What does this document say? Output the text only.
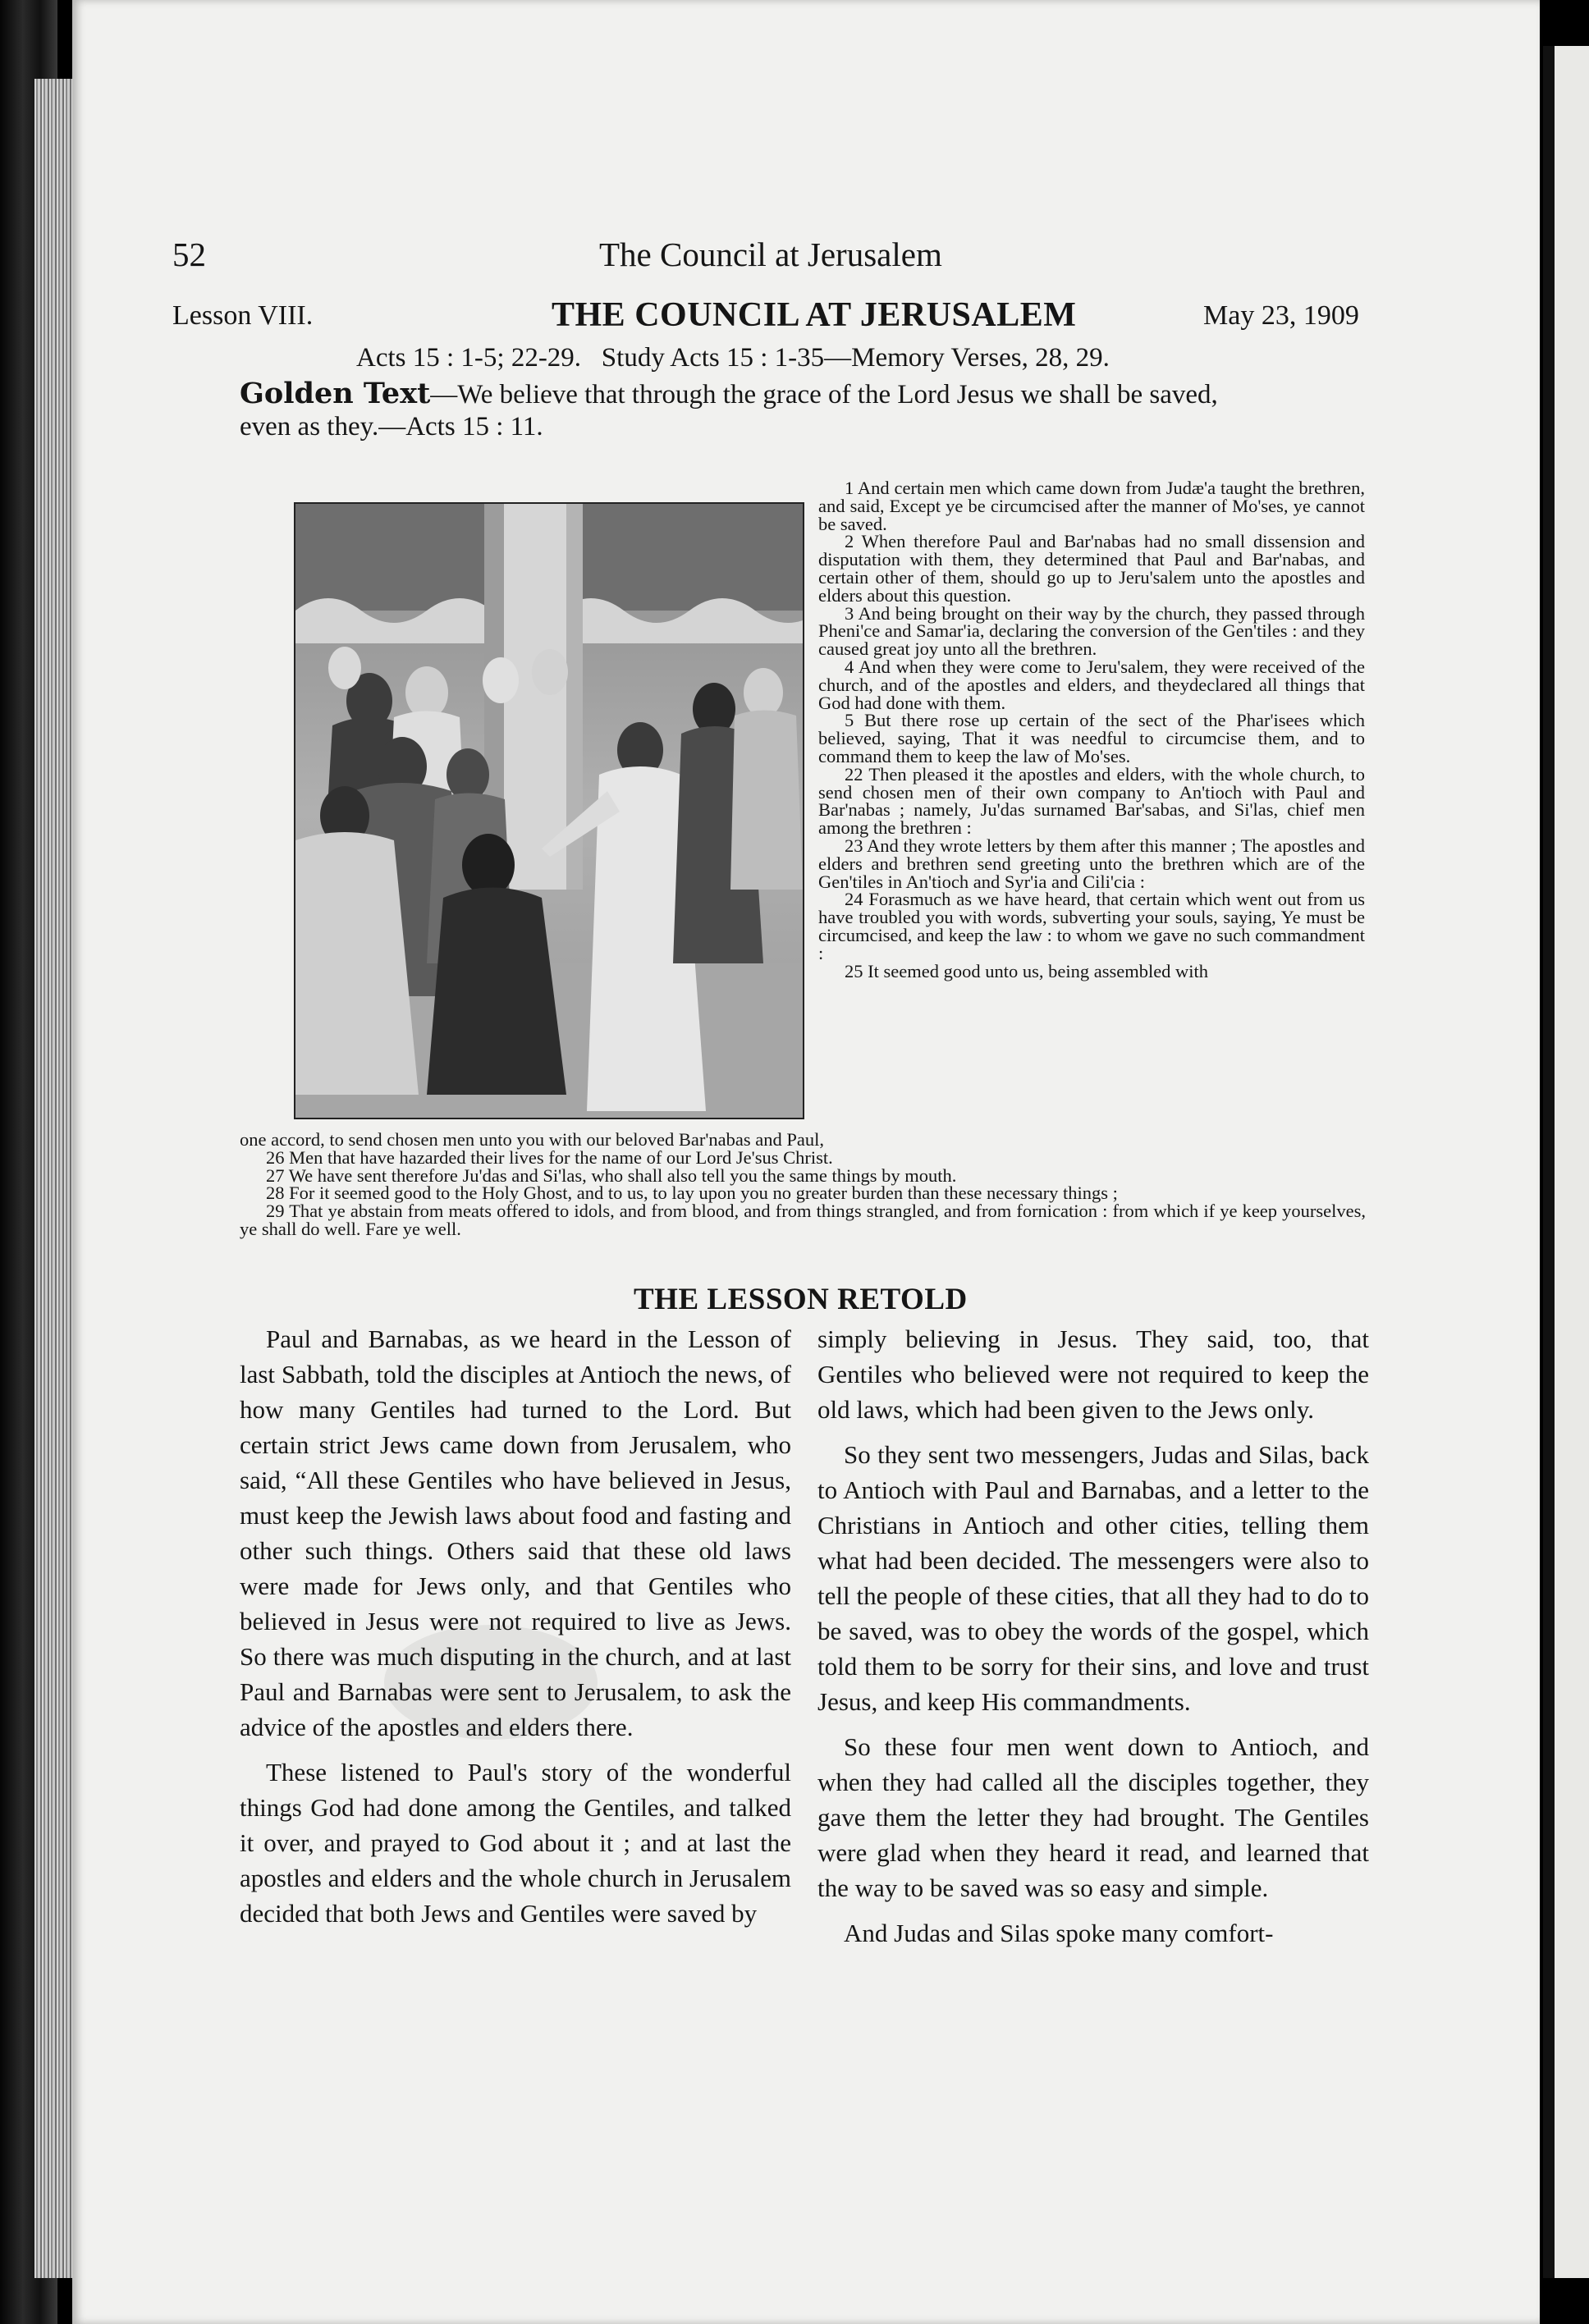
52	The Council at Jerusalem
Lesson VIII.	THE COUNCIL AT JERUSALEM	May 23, 1909
Acts 15 : 1-5; 22-29.   Study Acts 15 : 1-35—Memory Verses, 28, 29.
Golden Text—We believe that through the grace of the Lord Jesus we shall be saved,
even as they.—Acts 15 : 11.

1 And certain men which came down from Judæ'a taught the brethren, and said, Except ye be circumcised after the manner of Mo'ses, ye cannot be saved.

2 When therefore Paul and Bar'nabas had no small dissension and disputation with them, they determined that Paul and Bar'nabas, and certain other of them, should go up to Jeru'salem unto the apostles and elders about this question.

3 And being brought on their way by the church, they passed through Pheni'ce and Samar'ia, declaring the conversion of the Gen'tiles : and they caused great joy unto all the brethren.

4 And when they were come to Jeru'salem, they were received of the church, and of the apostles and elders, and theydeclared all things that God had done with them.

5 But there rose up certain of the sect of the Phar'isees which believed, saying, That it was needful to circumcise them, and to command them to keep the law of Mo'ses.

22 Then pleased it the apostles and elders, with the whole church, to send chosen men of their own company to An'tioch with Paul and Bar'nabas ; namely, Ju'das surnamed Bar'sabas, and Si'las, chief men among the brethren :

23 And they wrote letters by them after this manner ; The apostles and elders and brethren send greeting unto the brethren which are of the Gen'tiles in An'tioch and Syr'ia and Cili'cia :

24 Forasmuch as we have heard, that certain which went out from us have troubled you with words, subverting your souls, saying, Ye must be circumcised, and keep the law : to whom we gave no such commandment :

25 It seemed good unto us, being assembled with

one accord, to send chosen men unto you with our beloved Bar'nabas and Paul,

26 Men that have hazarded their lives for the name of our Lord Je'sus Christ.

27 We have sent therefore Ju'das and Si'las, who shall also tell you the same things by mouth.

28 For it seemed good to the Holy Ghost, and to us, to lay upon you no greater burden than these necessary things ;

29 That ye abstain from meats offered to idols, and from blood, and from things strangled, and from fornication : from which if ye keep yourselves, ye shall do well. Fare ye well.

THE LESSON RETOLD

Paul and Barnabas, as we heard in the Lesson of last Sabbath, told the disciples at Antioch the news, of how many Gentiles had turned to the Lord. But certain strict Jews came down from Jerusalem, who said, “All these Gentiles who have believed in Jesus, must keep the Jewish laws about food and fasting and other such things. Others said that these old laws were made for Jews only, and that Gentiles who believed in Jesus were not required to live as Jews. So there was much disputing in the church, and at last Paul and Barnabas were sent to Jerusalem, to ask the advice of the apostles and elders there.

These listened to Paul's story of the wonderful things God had done among the Gentiles, and talked it over, and prayed to God about it ; and at last the apostles and elders and the whole church in Jerusalem decided that both Jews and Gentiles were saved by

simply believing in Jesus. They said, too, that Gentiles who believed were not required to keep the old laws, which had been given to the Jews only.

So they sent two messengers, Judas and Silas, back to Antioch with Paul and Barnabas, and a letter to the Christians in Antioch and other cities, telling them what had been decided. The messengers were also to tell the people of these cities, that all they had to do to be saved, was to obey the words of the gospel, which told them to be sorry for their sins, and love and trust Jesus, and keep His commandments.

So these four men went down to Antioch, and when they had called all the disciples together, they gave them the letter they had brought. The Gentiles were glad when they heard it read, and learned that the way to be saved was so easy and simple.

And Judas and Silas spoke many comfort-
